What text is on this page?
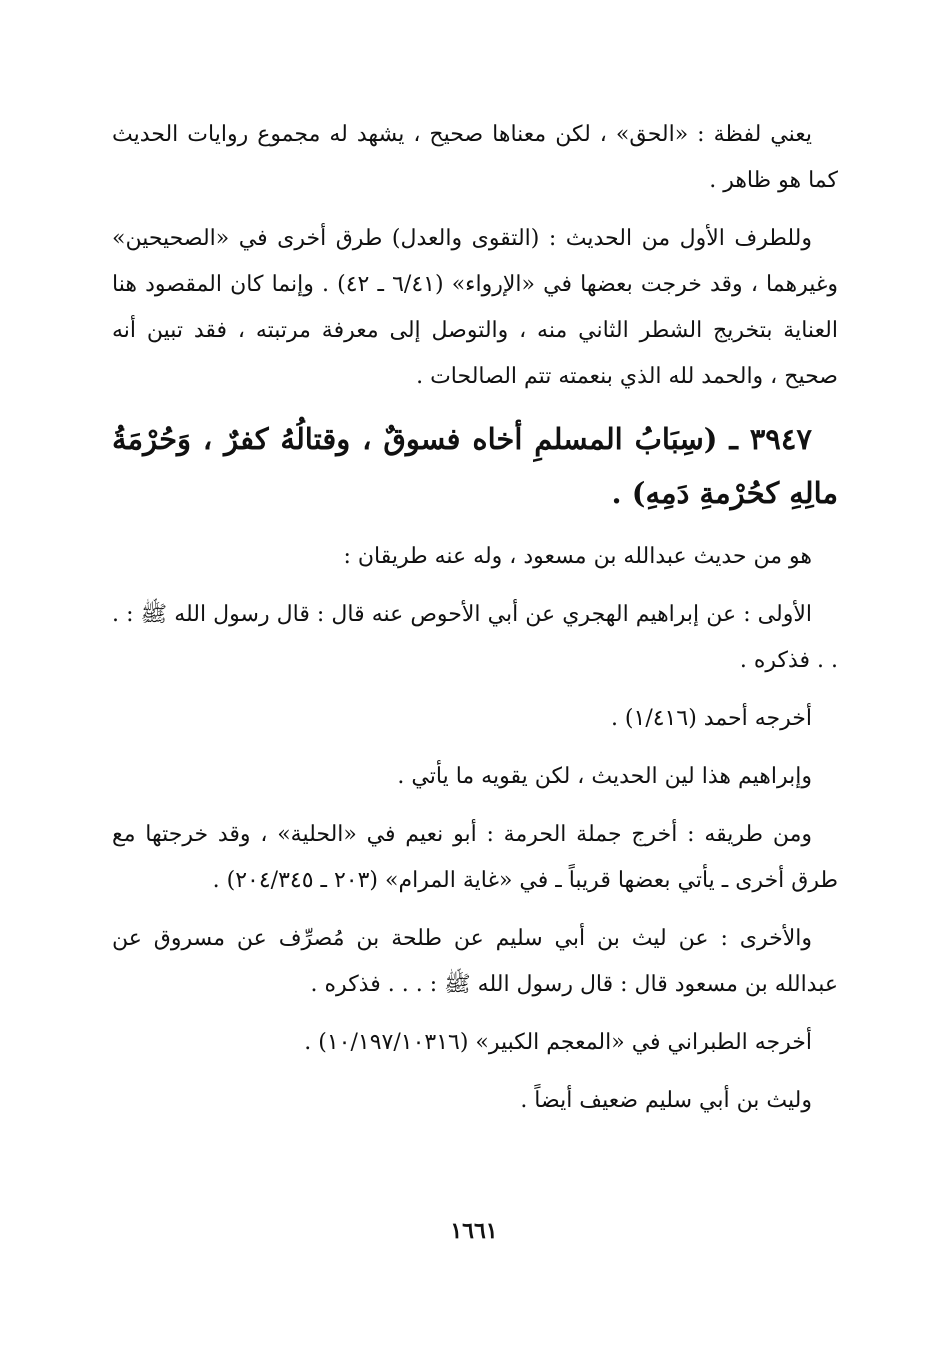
يعني لفظة : «الحق» ، لكن معناها صحيح ، يشهد له مجموع روايات الحديث كما هو ظاهر .

وللطرف الأول من الحديث : (التقوى والعدل) طرق أخرى في «الصحيحين» وغيرهما ، وقد خرجت بعضها في «الإرواء» (٦/٤١ ـ ٤٢) . وإنما كان المقصود هنا العناية بتخريج الشطر الثاني منه ، والتوصل إلى معرفة مرتبته ، فقد تبين أنه صحيح ، والحمد لله الذي بنعمته تتم الصالحات .

٣٩٤٧ ـ (سِبَابُ المسلمِ أخاه فسوقٌ ، وقتالُهُ كفرٌ ، وَحُرْمَةُ مالِهِ كحُرْمةِ دَمِهِ) .

هو من حديث عبدالله بن مسعود ، وله عنه طريقان :

الأولى : عن إبراهيم الهجري عن أبي الأحوص عنه قال : قال رسول الله ﷺ : . . . فذكره .

أخرجه أحمد (١/٤١٦) .

وإبراهيم هذا لين الحديث ، لكن يقويه ما يأتي .

ومن طريقه : أخرج جملة الحرمة : أبو نعيم في «الحلية» ، وقد خرجتها مع طرق أخرى ـ يأتي بعضها قريباً ـ في «غاية المرام» (٢٠٣ ـ ٢٠٤/٣٤٥) .

والأخرى : عن ليث بن أبي سليم عن طلحة بن مُصرِّف عن مسروق عن عبدالله بن مسعود قال : قال رسول الله ﷺ : . . . فذكره .

أخرجه الطبراني في «المعجم الكبير» (١٠/١٩٧/١٠٣١٦) .

وليث بن أبي سليم ضعيف أيضاً .

١٦٦١
